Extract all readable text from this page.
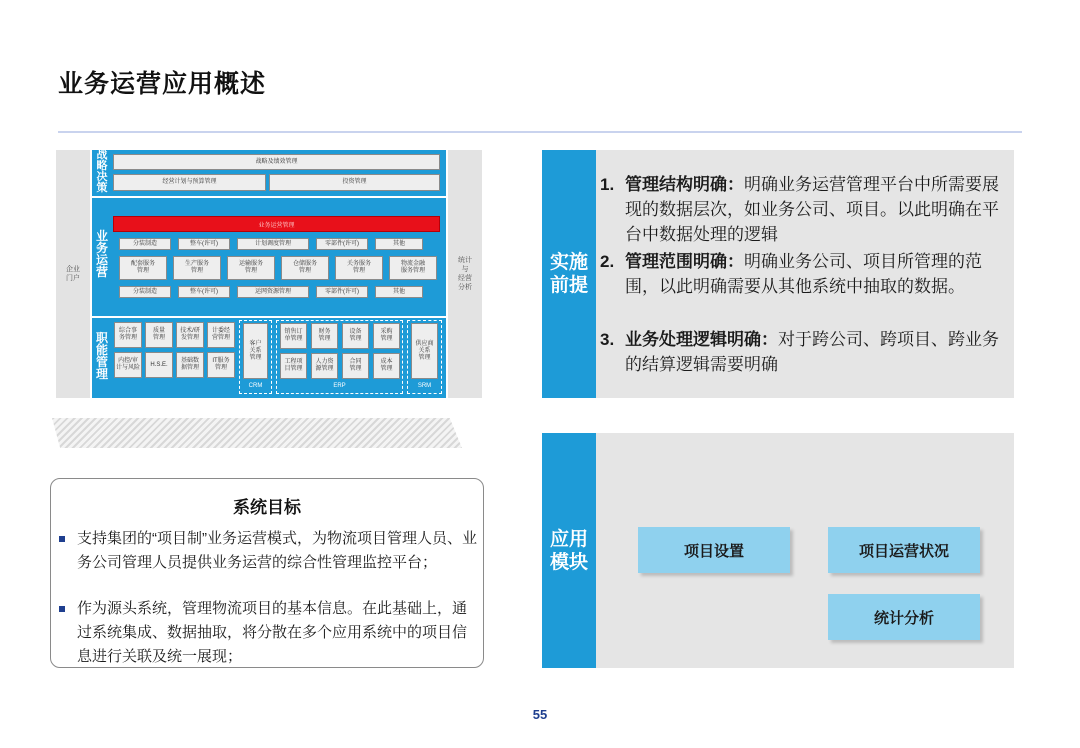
业务运营应用概述
企业
门户
统计
与
经营
分析
战
略
决
策
战略及绩效管理
经营计划与预算管理	投资管理
业
务
运
营
业务运营管理
分装制造	整车(许可)	计划调度管理	零部件(许可)	其他
配套服务
管理
生产服务
管理
运输服务
管理
仓储服务
管理
关务服务
管理
物流金融
服务管理
分装制造	整车(许可)	运网资源管理	零部件(许可)	其他
职
能
管
理
综合事
务管理
质量
管理
技术/研
发管理
计委经
营管理
内控/审
计与风险
H.S.E.
基础数
据管理
IT服务
管理
客户
关系
管理
CRM
销售订
单管理
财务
管理
设备
管理
采购
管理
工程项
目管理
人力资
源管理
合同
管理
成本
管理
ERP
供应商
关系
管理
SRM
系统目标
支持集团的“项目制”业务运营模式，为物流项目管理人员、业务公司管理人员提供业务运营的综合性管理监控平台；
作为源头系统，管理物流项目的基本信息。在此基础上，通过系统集成、数据抽取，将分散在多个应用系统中的项目信息进行关联及统一展现；
实施
前提
1. 管理结构明确：明确业务运营管理平台中所需要展现的数据层次，如业务公司、项目。以此明确在平台中数据处理的逻辑
2. 管理范围明确：明确业务公司、项目所管理的范围，以此明确需要从其他系统中抽取的数据。
3. 业务处理逻辑明确：对于跨公司、跨项目、跨业务的结算逻辑需要明确
应用
模块
项目设置	项目运营状况
统计分析
55
